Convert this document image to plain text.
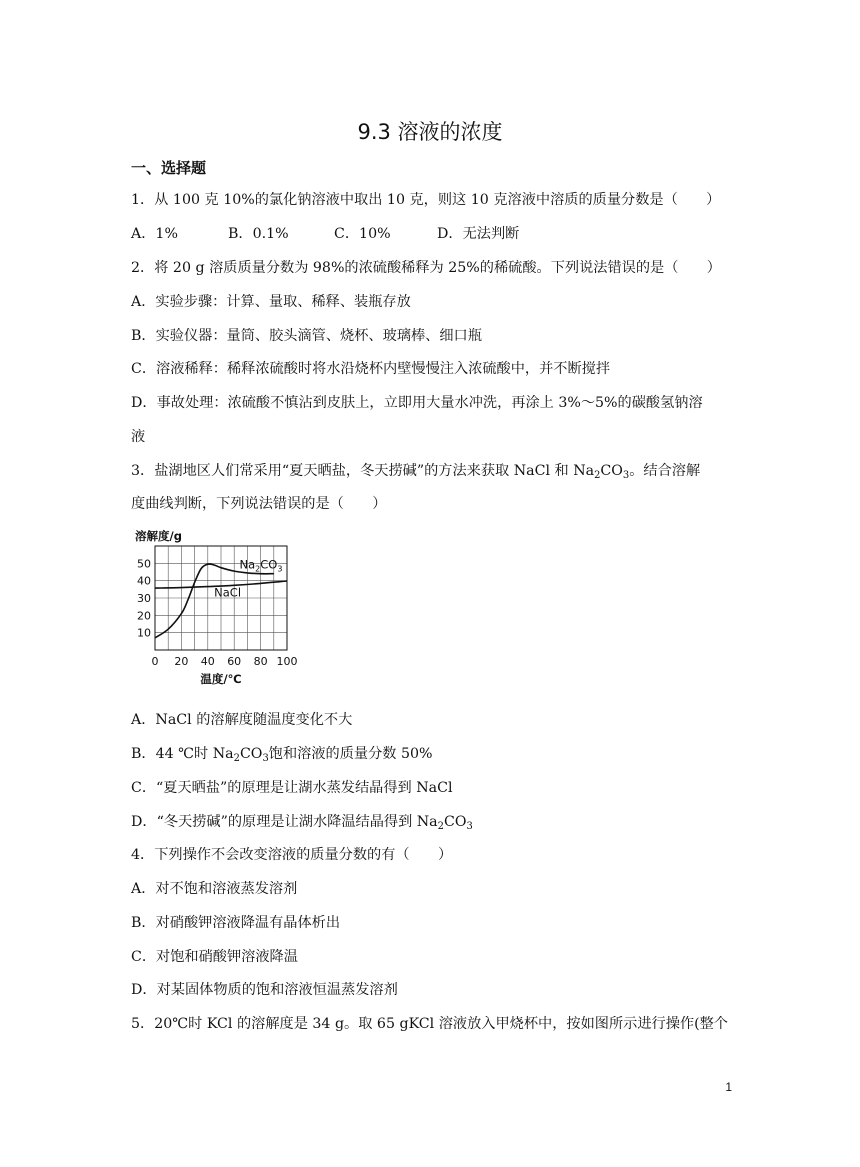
9.3 溶液的浓度
一、选择题
1．从 100 克 10%的氯化钠溶液中取出 10 克，则这 10 克溶液中溶质的质量分数是（　　）
A．1%	B．0.1%	C．10%	D．无法判断
2．将 20 g 溶质质量分数为 98%的浓硫酸稀释为 25%的稀硫酸。下列说法错误的是（　　）
A．实验步骤：计算、量取、稀释、装瓶存放
B．实验仪器：量筒、胶头滴管、烧杯、玻璃棒、细口瓶
C．溶液稀释：稀释浓硫酸时将水沿烧杯内壁慢慢注入浓硫酸中，并不断搅拌
D．事故处理：浓硫酸不慎沾到皮肤上，立即用大量水冲洗，再涂上 3%～5%的碳酸氢钠溶
液
3．盐湖地区人们常采用“夏天晒盐，冬天捞碱”的方法来获取 NaCl 和 $Na_2CO_3$。结合溶解
度曲线判断，下列说法错误的是（　　）
10
20
30
40
50
0 20 40 60 80 100
溶解度/g
温度/℃
Na2CO3
NaCl
A．NaCl 的溶解度随温度变化不大
B．44 ℃时 $Na_2CO_3$饱和溶液的质量分数 50%
C．“夏天晒盐”的原理是让湖水蒸发结晶得到 NaCl
D．“冬天捞碱”的原理是让湖水降温结晶得到 $Na_2CO_3$
4．下列操作不会改变溶液的质量分数的有（　　）
A．对不饱和溶液蒸发溶剂
B．对硝酸钾溶液降温有晶体析出
C．对饱和硝酸钾溶液降温
D．对某固体物质的饱和溶液恒温蒸发溶剂
5．20℃时 KCl 的溶解度是 34 g。取 65 gKCl 溶液放入甲烧杯中，按如图所示进行操作(整个
1
